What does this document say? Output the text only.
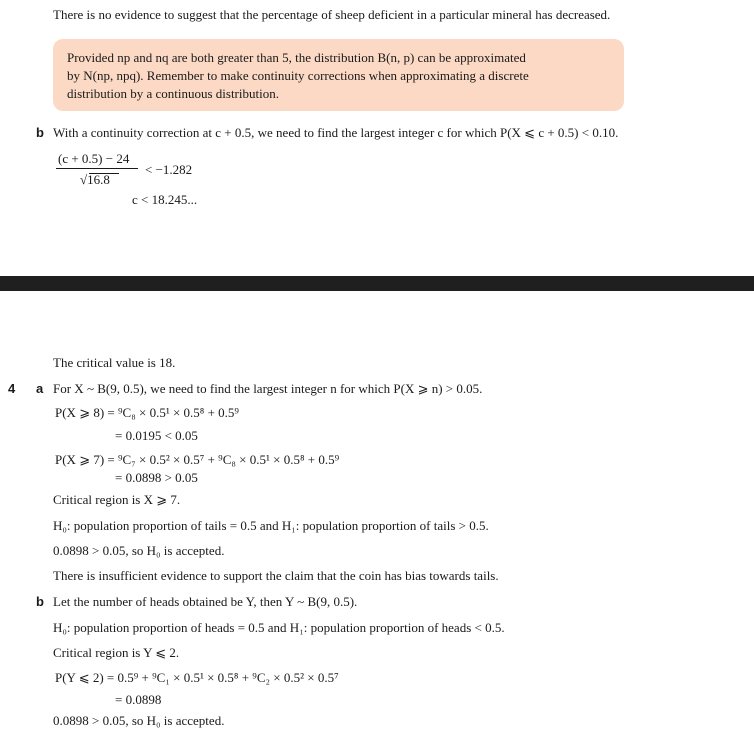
There is no evidence to suggest that the percentage of sheep deficient in a particular mineral has decreased.
Provided np and nq are both greater than 5, the distribution B(n, p) can be approximated
by N(np, npq). Remember to make continuity corrections when approximating a discrete
distribution by a continuous distribution.
b With a continuity correction at c + 0.5, we need to find the largest integer c for which P(X ⩽ c + 0.5) < 0.10.
(c + 0.5) − 24
√16.8
< −1.282
c < 18.245...
The critical value is 18.
4 a For X ~ B(9, 0.5), we need to find the largest integer n for which P(X ⩾ n) > 0.05.
P(X ⩾ 8) = ⁹C₈ × 0.5¹ × 0.5⁸ + 0.5⁹
= 0.0195 < 0.05
P(X ⩾ 7) = ⁹C₇ × 0.5² × 0.5⁷ + ⁹C₈ × 0.5¹ × 0.5⁸ + 0.5⁹
= 0.0898 > 0.05
Critical region is X ⩾ 7.
H₀: population proportion of tails = 0.5 and H₁: population proportion of tails > 0.5.
0.0898 > 0.05, so H₀ is accepted.
There is insufficient evidence to support the claim that the coin has bias towards tails.
b Let the number of heads obtained be Y, then Y ~ B(9, 0.5).
H₀: population proportion of heads = 0.5 and H₁: population proportion of heads < 0.5.
Critical region is Y ⩽ 2.
P(Y ⩽ 2) = 0.5⁹ + ⁹C₁ × 0.5¹ × 0.5⁸ + ⁹C₂ × 0.5² × 0.5⁷
= 0.0898
0.0898 > 0.05, so H₀ is accepted.
